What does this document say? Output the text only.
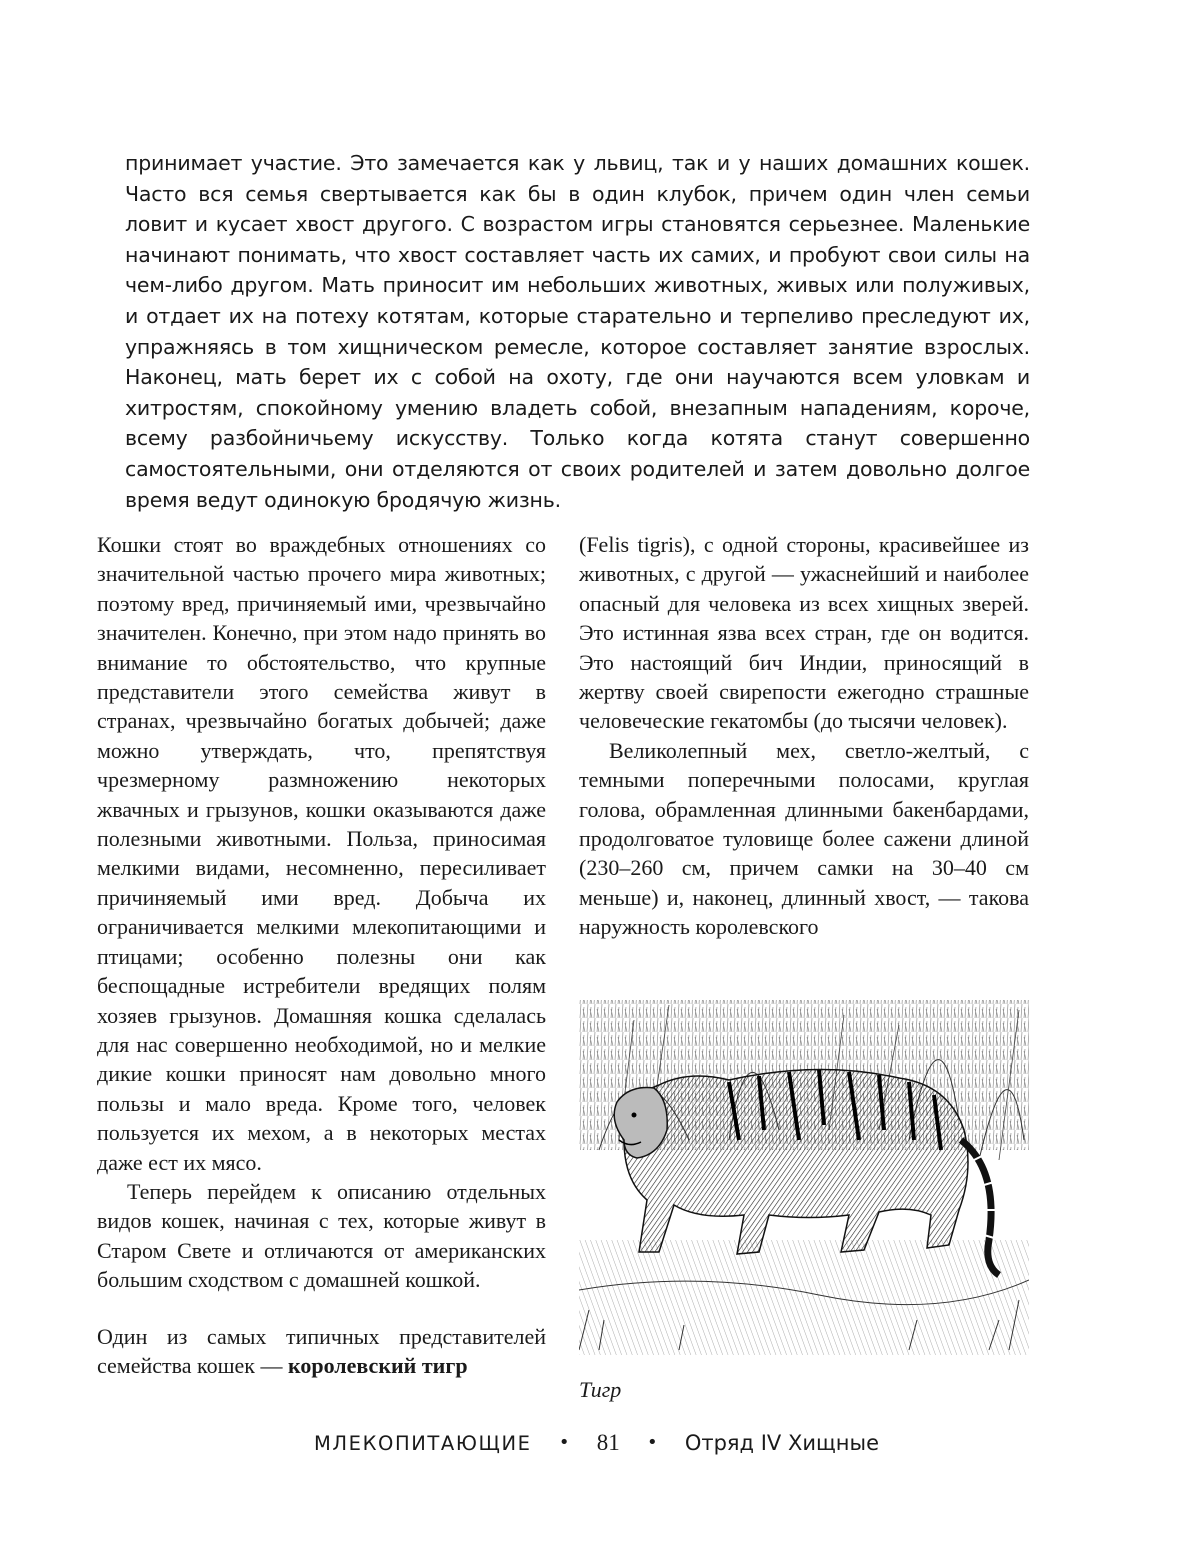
принимает участие. Это замечается как у львиц, так и у наших домашних кошек. Часто вся семья свертывается как бы в один клубок, причем один член семьи ловит и кусает хвост другого. С возрастом игры становятся серьезнее. Маленькие начинают понимать, что хвост составляет часть их самих, и пробуют свои силы на чем-либо другом. Мать приносит им небольших животных, живых или полуживых, и отдает их на потеху котятам, которые старательно и терпеливо преследуют их, упражняясь в том хищническом ремесле, которое составляет занятие взрослых. Наконец, мать берет их с собой на охоту, где они научаются всем уловкам и хитростям, спокойному умению владеть собой, внезапным нападениям, короче, всему разбойничьему искусству. Только когда котята станут совершенно самостоятельными, они отделяются от своих родителей и затем довольно долгое время ведут одинокую бродячую жизнь.

Кошки стоят во враждебных отношениях со значительной частью прочего мира животных; поэтому вред, причиняемый ими, чрезвычайно значителен. Конечно, при этом надо принять во внимание то обстоятельство, что крупные представители этого семейства живут в странах, чрезвычайно богатых добычей; даже можно утверждать, что, препятствуя чрезмерному размножению некоторых жвачных и грызунов, кошки оказываются даже полезными животными. Польза, приносимая мелкими видами, несомненно, пересиливает причиняемый ими вред. Добыча их ограничивается мелкими млекопитающими и птицами; особенно полезны они как беспощадные истребители вредящих полям хозяев грызунов. Домашняя кошка сделалась для нас совершенно необходимой, но и мелкие дикие кошки приносят нам довольно много пользы и мало вреда. Кроме того, человек пользуется их мехом, а в некоторых местах даже ест их мясо.

Теперь перейдем к описанию отдельных видов кошек, начиная с тех, которые живут в Старом Свете и отличаются от американских большим сходством с домашней кошкой.

Один из самых типичных представителей семейства кошек — королевский тигр

(Felis tigris), с одной стороны, красивейшее из животных, с другой — ужаснейший и наиболее опасный для человека из всех хищных зверей. Это истинная язва всех стран, где он водится. Это настоящий бич Индии, приносящий в жертву своей свирепости ежегодно страшные человеческие гекатомбы (до тысячи человек).

Великолепный мех, светло-желтый, с темными поперечными полосами, круглая голова, обрамленная длинными бакенбардами, продолговатое туловище более сажени длиной (230–260 см, причем самки на 30–40 см меньше) и, наконец, длинный хвост, — такова наружность королевского

Тигр
МЛЕКОПИТАЮЩИЕ • 81 • Отряд IV Хищные
